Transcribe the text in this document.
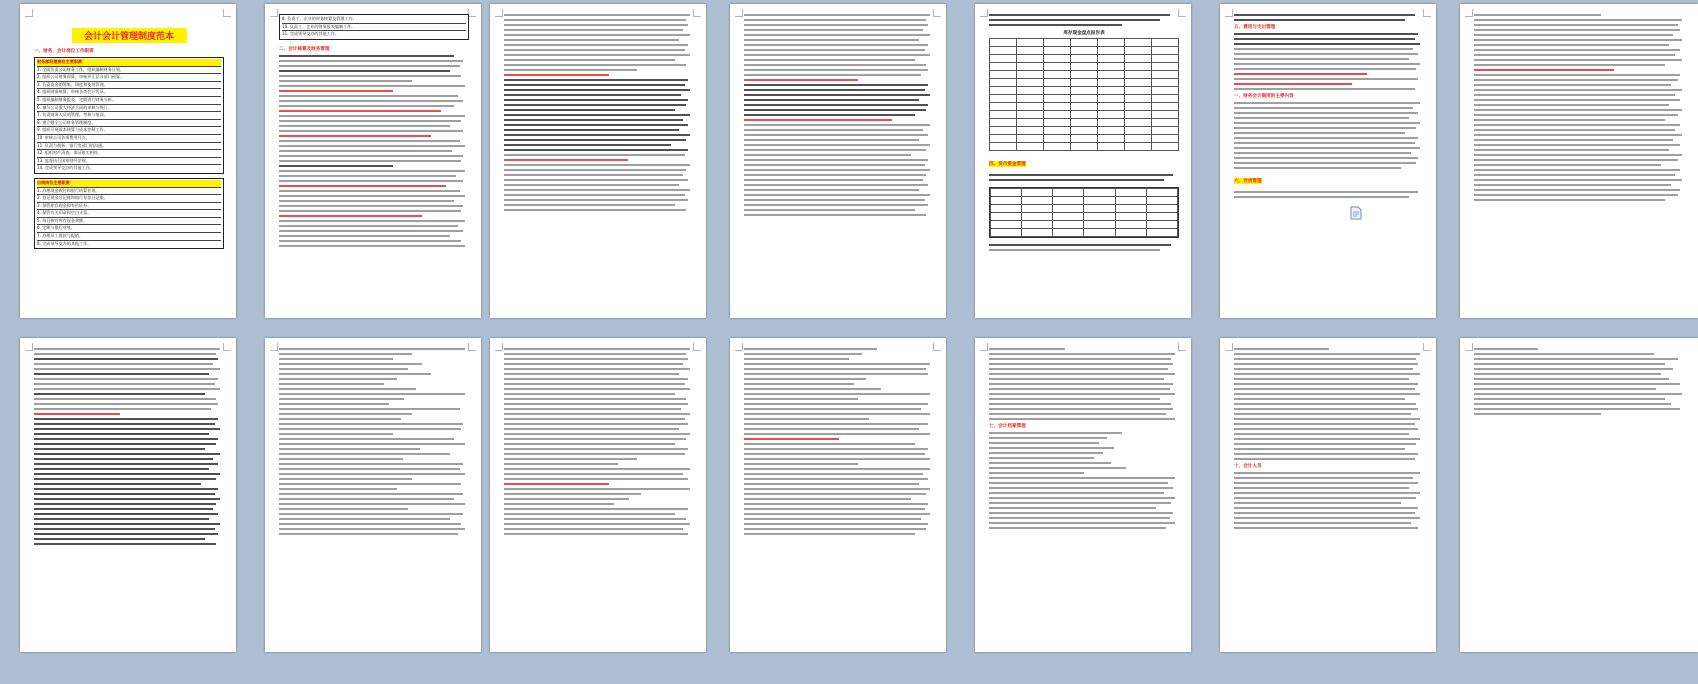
会计会计管理制度范本
一、财务、会计岗位工作职责
财务部经理岗位主要职责：
1. 全面负责公司财务工作，组织编制财务计划。
2. 组织公司财务预算，审核并汇总各部门预算。
3. 负责资金的筹集、调度和使用管理。
4. 组织财务核算，审核各类会计凭证。
5. 组织编制财务报表，定期进行财务分析。
6. 参与公司重大经济合同的审核与签订。
7. 负责财务人员的管理、考核与培训。
8. 建立健全公司财务管理制度。
9. 组织开展成本核算与成本控制工作。
10. 审核公司各项费用开支。
11. 负责与税务、银行等部门的沟通。
12. 组织财产清查，保证账实相符。
13. 监督执行国家财经法规。
14. 完成领导交办的其他工作。
出纳岗位主要职责：
1. 办理现金收付和银行结算业务。
2. 登记现金日记账和银行存款日记账。
3. 保管库存现金和有价证券。
4. 保管有关印章和空白支票。
5. 每日核对库存现金余额。
6. 定期与银行对账。
7. 办理员工借款与报销。
8. 完成领导交办的其他工作。
8. 负责工、企业的财务核算及管理工作。
10. 负责工、企业的财务报表编制工作。
11. 完成领导交办的其他工作。
二、会计核算及财务管理
库存现金盘点报告表

四、货币资金管理

五、费用与支出管理
一、财务会计制度的主要内容
六、存货管理
七、会计档案管理
十、会计人员
